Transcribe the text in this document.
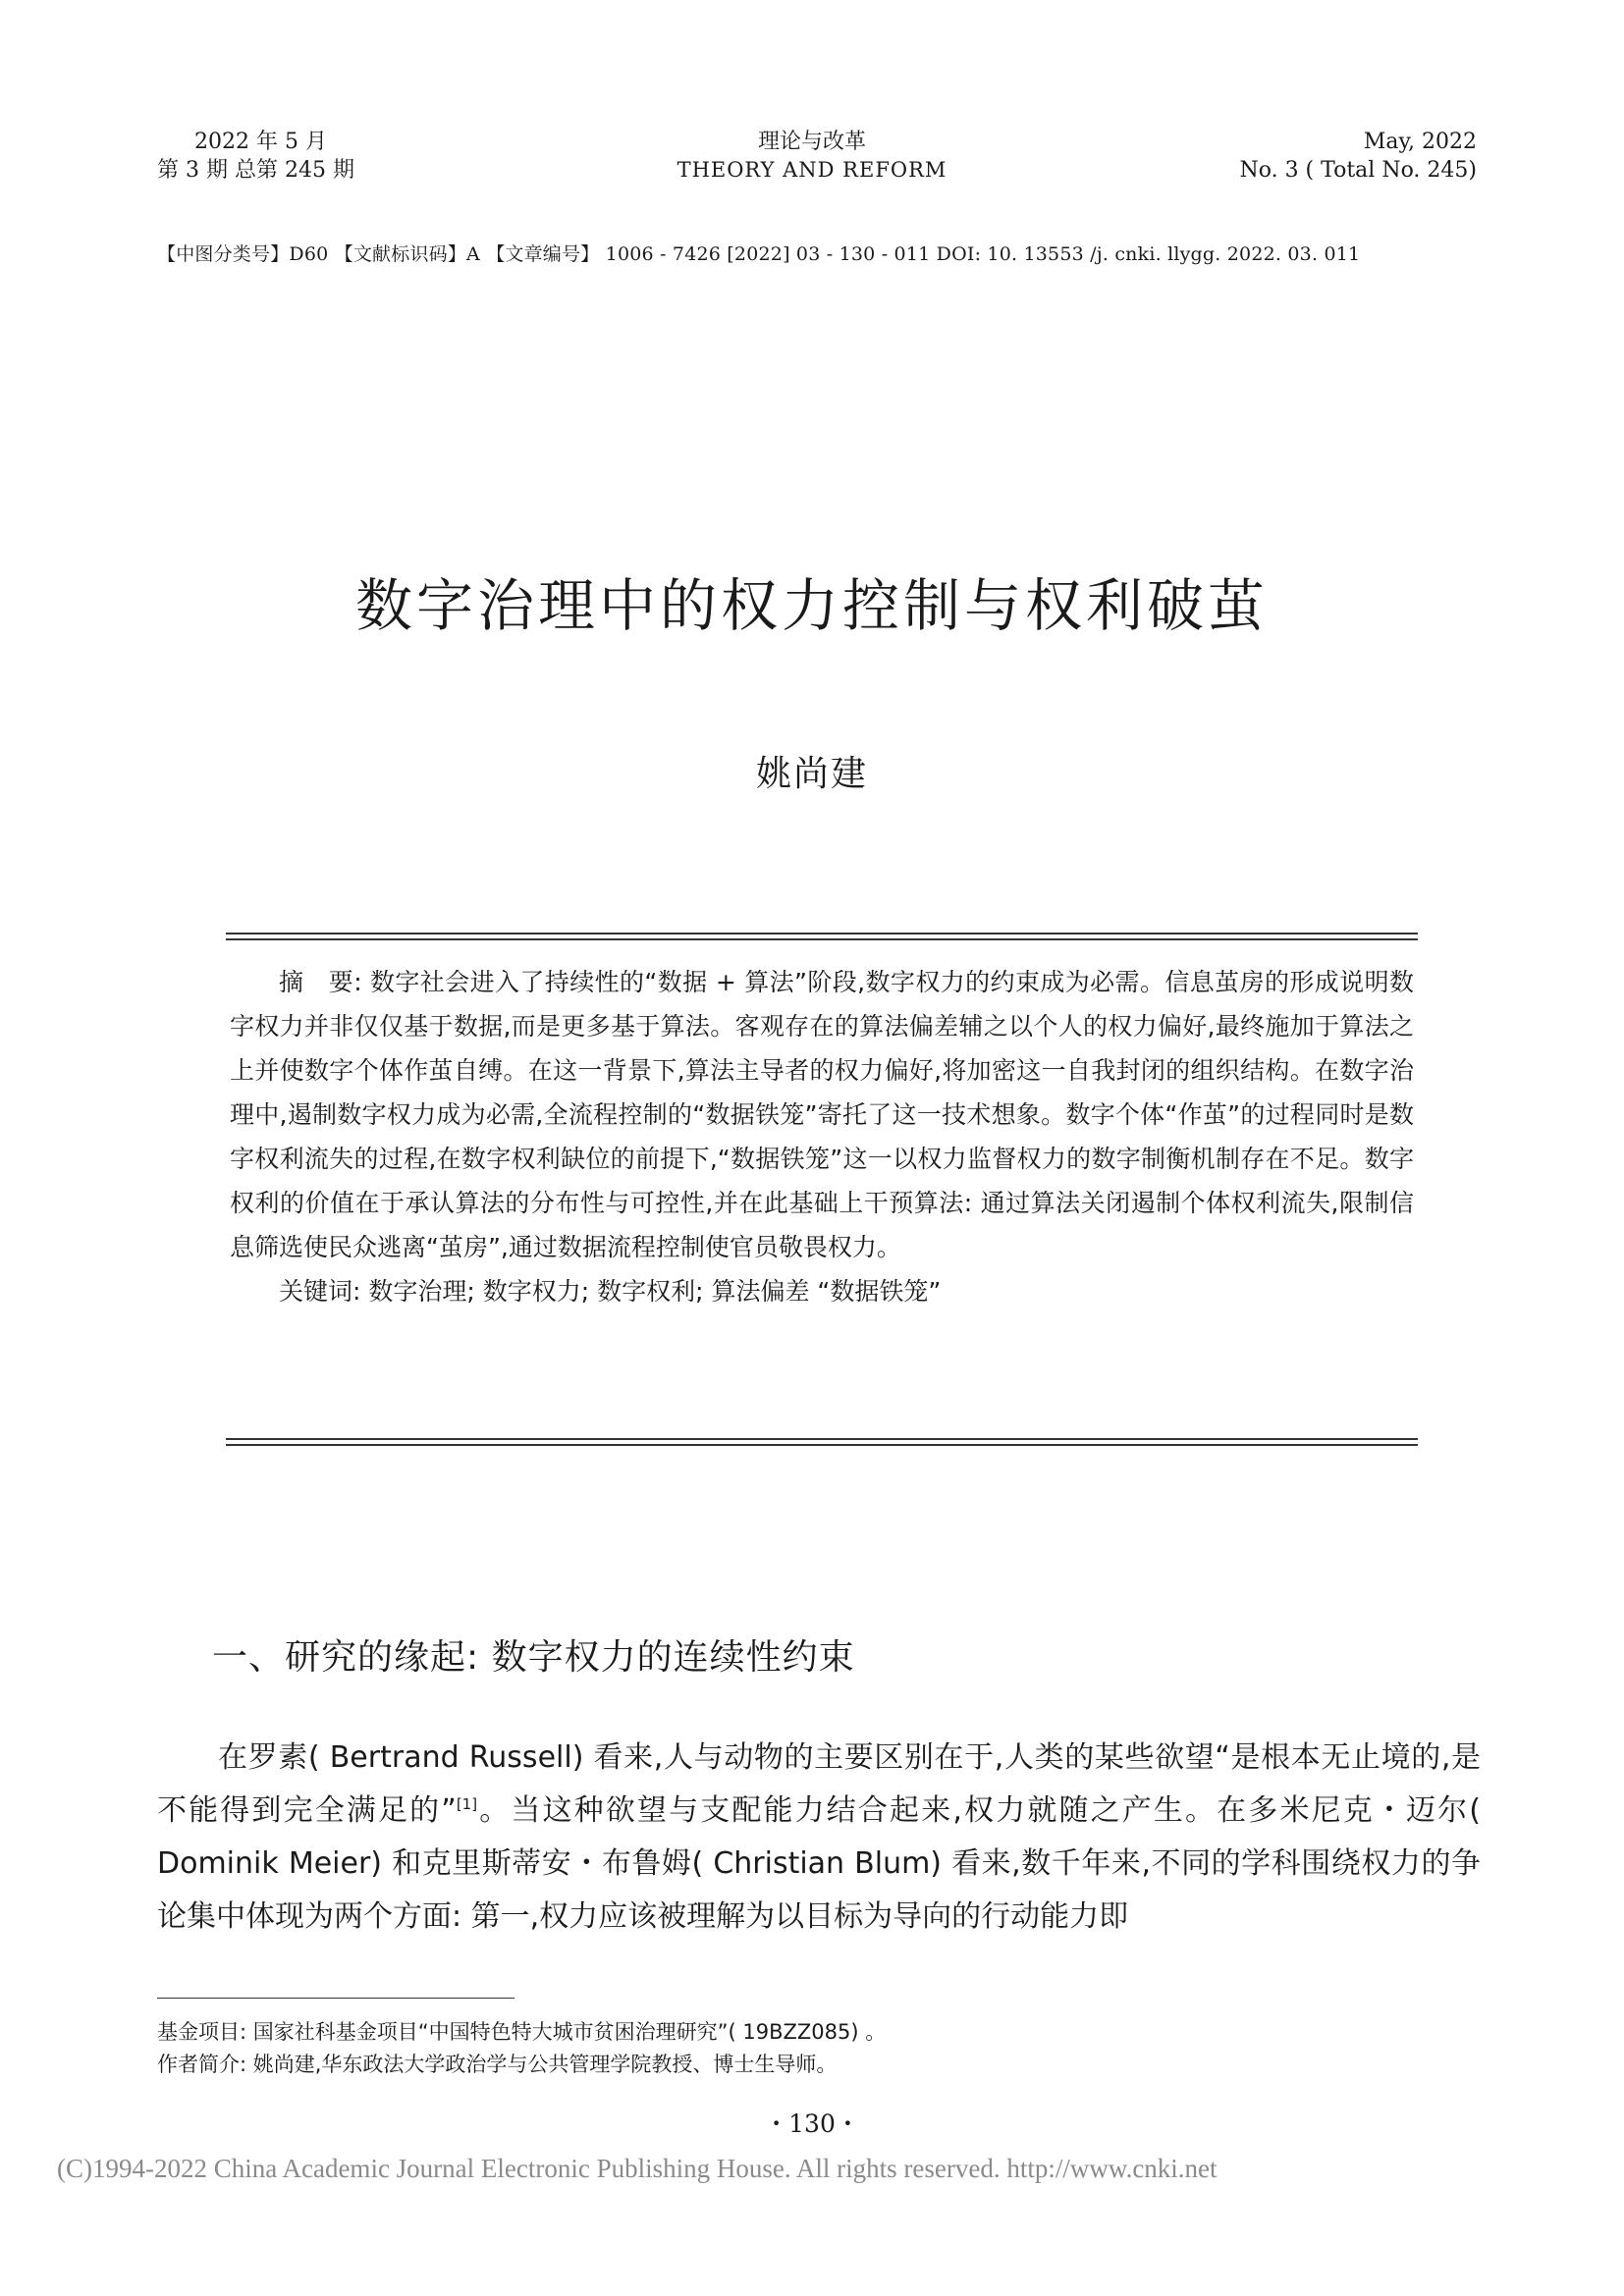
2022 年 5 月
第 3 期 总第 245 期
理论与改革
THEORY AND REFORM
May, 2022
No. 3 ( Total No. 245)
【中图分类号】D60 【文献标识码】A 【文章编号】 1006 - 7426 [2022] 03 - 130 - 011 DOI: 10. 13553 /j. cnki. llygg. 2022. 03. 011
数字治理中的权力控制与权利破茧
姚尚建

摘　要: 数字社会进入了持续性的“数据 + 算法”阶段,数字权力的约束成为必需。信息茧房的形成说明数字权力并非仅仅基于数据,而是更多基于算法。客观存在的算法偏差辅之以个人的权力偏好,最终施加于算法之上并使数字个体作茧自缚。在这一背景下,算法主导者的权力偏好,将加密这一自我封闭的组织结构。在数字治理中,遏制数字权力成为必需,全流程控制的“数据铁笼”寄托了这一技术想象。数字个体“作茧”的过程同时是数字权利流失的过程,在数字权利缺位的前提下,“数据铁笼”这一以权力监督权力的数字制衡机制存在不足。数字权利的价值在于承认算法的分布性与可控性,并在此基础上干预算法: 通过算法关闭遏制个体权利流失,限制信息筛选使民众逃离“茧房”,通过数据流程控制使官员敬畏权力。

关键词: 数字治理; 数字权力; 数字权利; 算法偏差 “数据铁笼”

一、研究的缘起: 数字权力的连续性约束

在罗素( Bertrand Russell) 看来,人与动物的主要区别在于,人类的某些欲望“是根本无止境的,是不能得到完全满足的”[1]。当这种欲望与支配能力结合起来,权力就随之产生。在多米尼克・迈尔( Dominik Meier) 和克里斯蒂安・布鲁姆( Christian Blum) 看来,数千年来,不同的学科围绕权力的争论集中体现为两个方面: 第一,权力应该被理解为以目标为导向的行动能力即

基金项目: 国家社科基金项目“中国特色特大城市贫困治理研究”( 19BZZ085) 。
作者简介: 姚尚建,华东政法大学政治学与公共管理学院教授、博士生导师。
・130・
(C)1994-2022 China Academic Journal Electronic Publishing House. All rights reserved. http://www.cnki.net
